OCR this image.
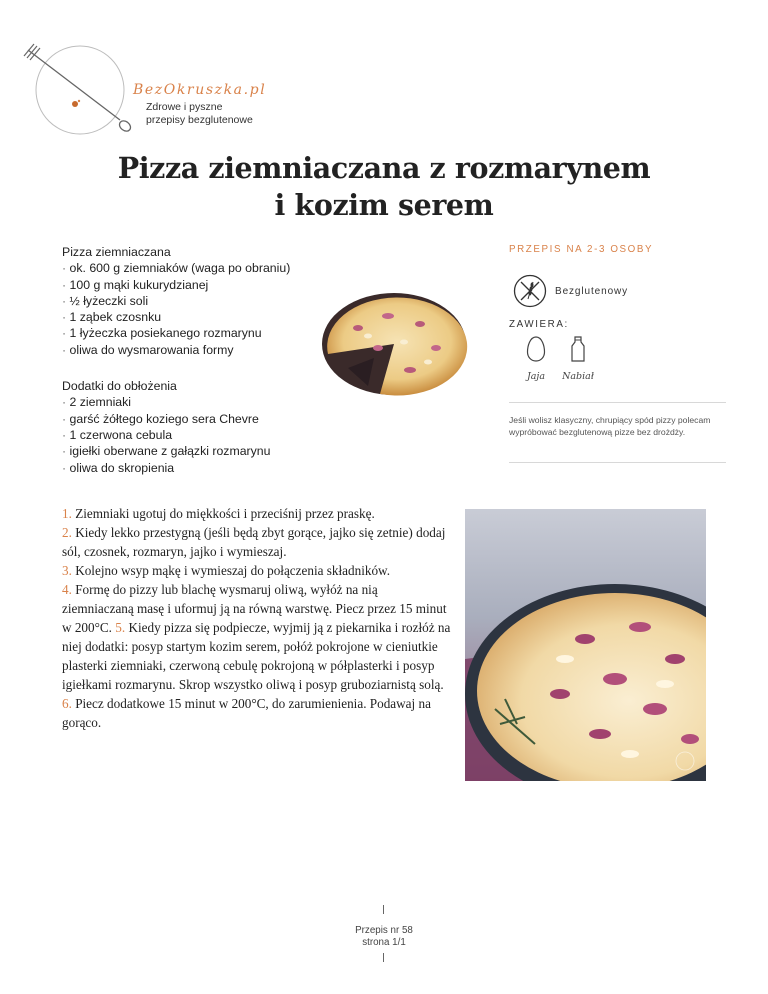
BezOkruszka.pl
Zdrowe i pyszne
przepisy bezglutenowe
Pizza ziemniaczana z rozmarynem
i kozim serem
Pizza ziemniaczana
· ok. 600 g ziemniaków (waga po obraniu)
· 100 g mąki kukurydzianej
· ½ łyżeczki soli
· 1 ząbek czosnku
· 1 łyżeczka posiekanego rozmarynu
· oliwa do wysmarowania formy
Dodatki do obłożenia
· 2 ziemniaki
· garść żółtego koziego sera Chevre
· 1 czerwona cebula
· igiełki oberwane z gałązki rozmarynu
· oliwa do skropienia
PRZEPIS NA 2-3 OSOBY
Bezglutenowy
ZAWIERA:
Jaja	Nabiał
Jeśli wolisz klasyczny, chrupiący spód pizzy polecam wypróbować bezglutenową pizze bez drożdży.
1. Ziemniaki ugotuj do miękkości i przeciśnij przez praskę.
2. Kiedy lekko przestygną (jeśli będą zbyt gorące, jajko się zetnie) dodaj sól, czosnek, rozmaryn, jajko i wymieszaj.
3. Kolejno wsyp mąkę i wymieszaj do połączenia składników.
4. Formę do pizzy lub blachę wysmaruj oliwą, wyłóż na nią ziemniaczaną masę i uformuj ją na równą warstwę. Piecz przez 15 minut w 200°C. 5. Kiedy pizza się podpiecze, wyjmij ją z piekarnika i rozłóż na niej dodatki: posyp startym kozim serem, połóż pokrojone w cieniutkie plasterki ziemniaki, czerwoną cebulę pokrojoną w półplasterki i posyp igiełkami rozmarynu. Skrop wszystko oliwą i posyp gruboziarnistą solą.
6. Piecz dodatkowe 15 minut w 200°C, do zarumienienia. Podawaj na gorąco.
Przepis nr 58
strona 1/1
